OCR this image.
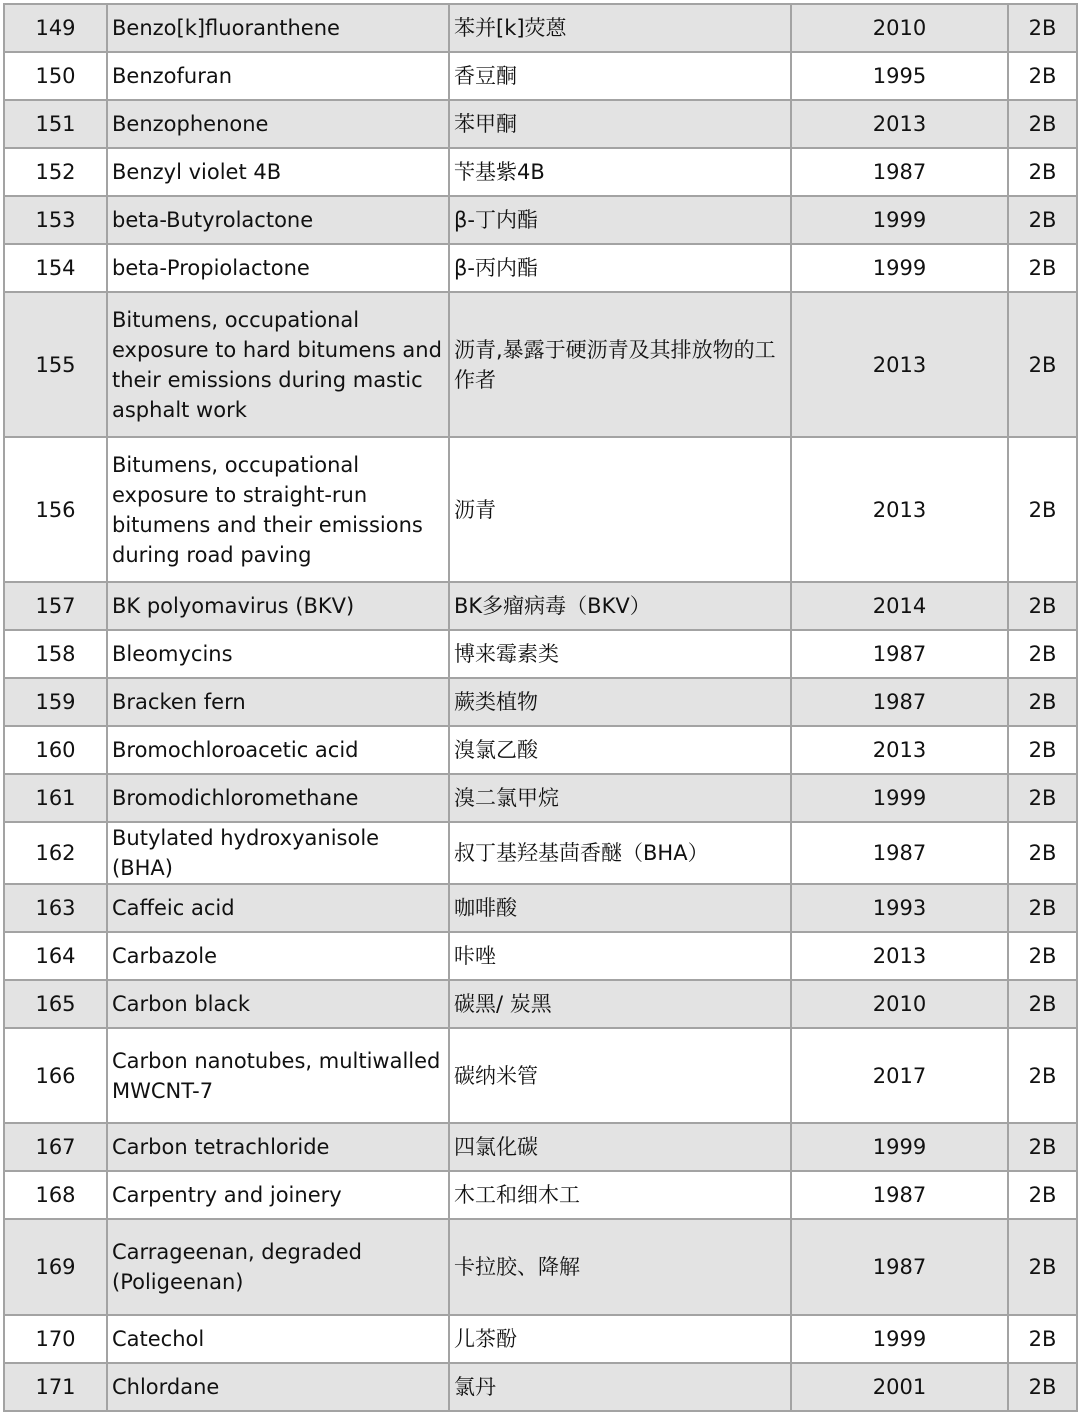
149	Benzo[k]fluoranthene	苯并[k]荧蒽	2010	2B
150	Benzofuran	香豆酮	1995	2B
151	Benzophenone	苯甲酮	2013	2B
152	Benzyl violet 4B	苄基紫4B	1987	2B
153	beta-Butyrolactone	β-丁内酯	1999	2B
154	beta-Propiolactone	β-丙内酯	1999	2B
155	Bitumens, occupational exposure to hard bitumens and their emissions during mastic asphalt work	沥青,暴露于硬沥青及其排放物的工作者	2013	2B
156	Bitumens, occupational exposure to straight-run bitumens and their emissions during road paving	沥青	2013	2B
157	BK polyomavirus (BKV)	BK多瘤病毒（BKV）	2014	2B
158	Bleomycins	博来霉素类	1987	2B
159	Bracken fern	蕨类植物	1987	2B
160	Bromochloroacetic acid	溴氯乙酸	2013	2B
161	Bromodichloromethane	溴二氯甲烷	1999	2B
162	Butylated hydroxyanisole (BHA)	叔丁基羟基茴香醚（BHA）	1987	2B
163	Caffeic acid	咖啡酸	1993	2B
164	Carbazole	咔唑	2013	2B
165	Carbon black	碳黑/ 炭黑	2010	2B
166	Carbon nanotubes, multiwalled MWCNT-7	碳纳米管	2017	2B
167	Carbon tetrachloride	四氯化碳	1999	2B
168	Carpentry and joinery	木工和细木工	1987	2B
169	Carrageenan, degraded (Poligeenan)	卡拉胶、降解	1987	2B
170	Catechol	儿茶酚	1999	2B
171	Chlordane	氯丹	2001	2B
